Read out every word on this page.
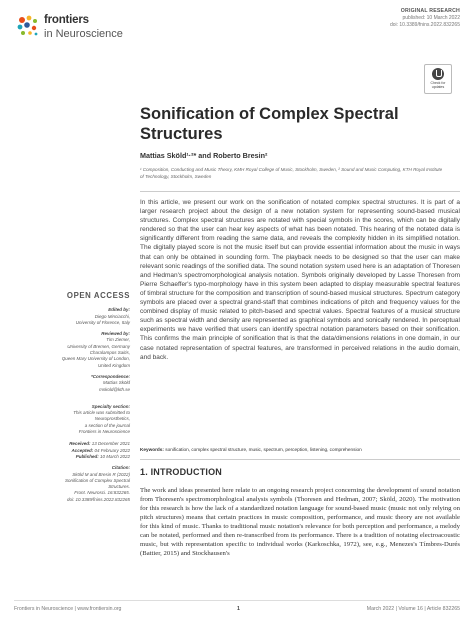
frontiers
in Neuroscience
ORIGINAL RESEARCH
published: 10 March 2022
doi: 10.3389/fnins.2022.832265
Check for updates
Sonification of Complex Spectral Structures
Mattias Sköld¹·²* and Roberto Bresin²
¹ Composition, Conducting and Music Theory, KMH Royal College of Music, Stockholm, Sweden, ² Sound and Music Computing, KTH Royal Institute of Technology, Stockholm, Sweden
In this article, we present our work on the sonification of notated complex spectral structures. It is part of a larger research project about the design of a new notation system for representing sound-based musical structures. Complex spectral structures are notated with special symbols in the scores, which can be digitally rendered so that the user can hear key aspects of what has been notated. This hearing of the notated data is significantly different from reading the same data, and reveals the complexity hidden in its simplified notation. The digitally played score is not the music itself but can provide essential information about the music in ways that can only be obtained in sounding form. The playback needs to be designed so that the user can make relevant sonic readings of the sonified data. The sound notation system used here is an adaptation of Thoresen and Hedman's spectromorphological analysis notation. Symbols originally developed by Lasse Thoresen from Pierre Schaeffer's typo-morphology have in this system been adapted to display measurable spectral features of timbral structure for the composition and transcription of sound-based musical structures. Spectrum category symbols are placed over a spectral grand-staff that combines indications of pitch and frequency values for the combined display of music related to pitch-based and spectral values. Spectral features of a musical structure such as spectral width and density are represented as graphical symbols and sonically rendered. In perceptual experiments we have verified that users can identify spectral notation parameters based on their sonification. This confirms the main principle of sonification that is that the data/dimensions relations in one domain, in our case notated representation of spectral features, are transformed in perceived relations in the audio domain, and back.
Keywords: sonification, complex spectral structure, music, spectrum, perception, listening, comprehension
1. INTRODUCTION
The work and ideas presented here relate to an ongoing research project concerning the development of sound notation from Thoresen's spectromorphological analysis symbols (Thoresen and Hedman, 2007; Sköld, 2020). The motivation for this research is how the lack of a standardized notation language for sound-based music (music not only relying on pitch structures) means that certain practices in music composition, performance, and music theory are not available for this kind of music. Thanks to traditional music notation's relevance for both perception and performance, a melody can be notated, performed and then re-transcribed from its performance. There is a tradition of notating electroacoustic music, but with representation specific to individual works (Karkoschka, 1972), see, e.g., Menezes's Tímbres-Durés (Battier, 2015) and Stockhausen's
OPEN ACCESS
Edited by:
Diego Minciacchi,
University of Florence, Italy
Reviewed by:
Tim Ziemer,
University of Bremen, Germany
Charalampos Saitis,
Queen Mary University of London,
United Kingdom
*Correspondence:
Mattias Sköld
mskold@kth.se
Specialty section:
This article was submitted to
Neuroprosthetics,
a section of the journal
Frontiers in Neuroscience
Received: 13 December 2021
Accepted: 04 February 2022
Published: 10 March 2022
Citation:
Sköld M and Bresin R (2022)
Sonification of Complex Spectral
Structures.
Front. Neurosci. 16:832265.
doi: 10.3389/fnins.2022.832265
Frontiers in Neuroscience | www.frontiersin.org	1	March 2022 | Volume 16 | Article 832265
